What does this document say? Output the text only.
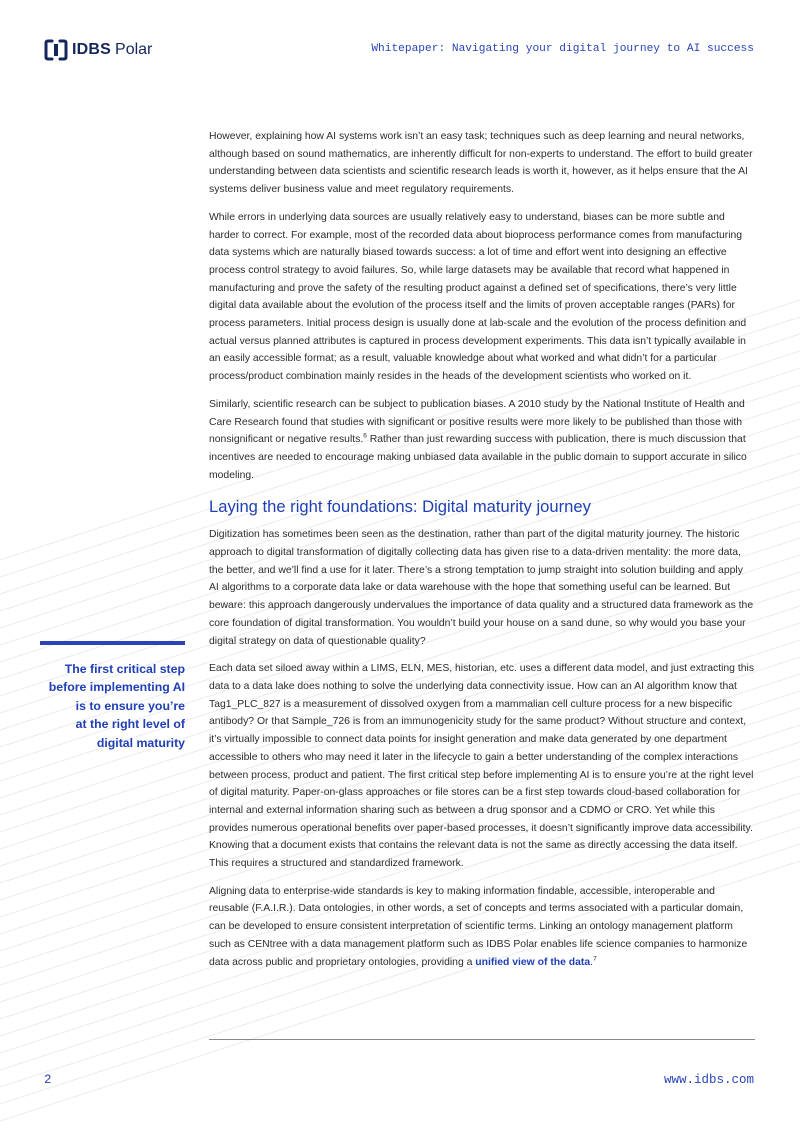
IDBS Polar	Whitepaper: Navigating your digital journey to AI success

However, explaining how AI systems work isn’t an easy task; techniques such as deep learning and neural networks, although based on sound mathematics, are inherently difficult for non-experts to understand. The effort to build greater understanding between data scientists and scientific research leads is worth it, however, as it helps ensure that the AI systems deliver business value and meet regulatory requirements.

While errors in underlying data sources are usually relatively easy to understand, biases can be more subtle and harder to correct. For example, most of the recorded data about bioprocess performance comes from manufacturing data systems which are naturally biased towards success: a lot of time and effort went into designing an effective process control strategy to avoid failures. So, while large datasets may be available that record what happened in manufacturing and prove the safety of the resulting product against a defined set of specifications, there’s very little digital data available about the evolution of the process itself and the limits of proven acceptable ranges (PARs) for process parameters. Initial process design is usually done at lab-scale and the evolution of the process definition and actual versus planned attributes is captured in process development experiments. This data isn’t typically available in an easily accessible format; as a result, valuable knowledge about what worked and what didn’t for a particular process/product combination mainly resides in the heads of the development scientists who worked on it.

Similarly, scientific research can be subject to publication biases. A 2010 study by the National Institute of Health and Care Research found that studies with significant or positive results were more likely to be published than those with nonsignificant or negative results.$^6$ Rather than just rewarding success with publication, there is much discussion that incentives are needed to encourage making unbiased data available in the public domain to support accurate in silico modeling.

Laying the right foundations: Digital maturity journey

Digitization has sometimes been seen as the destination, rather than part of the digital maturity journey. The historic approach to digital transformation of digitally collecting data has given rise to a data-driven mentality: the more data, the better, and we’ll find a use for it later. There’s a strong temptation to jump straight into solution building and apply AI algorithms to a corporate data lake or data warehouse with the hope that something useful can be learned. But beware: this approach dangerously undervalues the importance of data quality and a structured data framework as the core foundation of digital transformation. You wouldn’t build your house on a sand dune, so why would you base your digital strategy on data of questionable quality?

Each data set siloed away within a LIMS, ELN, MES, historian, etc. uses a different data model, and just extracting this data to a data lake does nothing to solve the underlying data connectivity issue. How can an AI algorithm know that Tag1_PLC_827 is a measurement of dissolved oxygen from a mammalian cell culture process for a new bispecific antibody? Or that Sample_726 is from an immunogenicity study for the same product? Without structure and context, it’s virtually impossible to connect data points for insight generation and make data generated by one department accessible to others who may need it later in the lifecycle to gain a better understanding of the complex interactions between process, product and patient. The first critical step before implementing AI is to ensure you’re at the right level of digital maturity. Paper-on-glass approaches or file stores can be a first step towards cloud-based collaboration for internal and external information sharing such as between a drug sponsor and a CDMO or CRO. Yet while this provides numerous operational benefits over paper-based processes, it doesn’t significantly improve data accessibility. Knowing that a document exists that contains the relevant data is not the same as directly accessing the data itself. This requires a structured and standardized framework.

Aligning data to enterprise-wide standards is key to making information findable, accessible, interoperable and reusable (F.A.I.R.). Data ontologies, in other words, a set of concepts and terms associated with a particular domain, can be developed to ensure consistent interpretation of scientific terms. Linking an ontology management platform such as CENtree with a data management platform such as IDBS Polar enables life science companies to harmonize data across public and proprietary ontologies, providing a unified view of the data.$^7$

The first critical step
before implementing AI
is to ensure you’re
at the right level of
digital maturity
2	www.idbs.com
